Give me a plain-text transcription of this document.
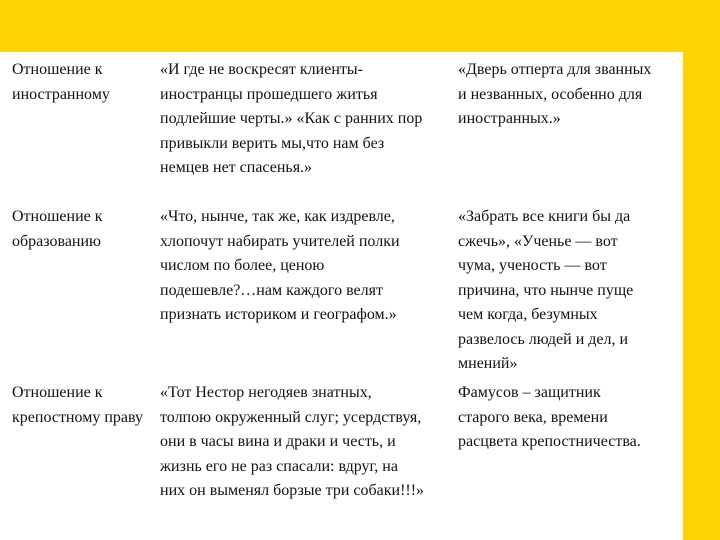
Отношение к
иностранному
«И где не воскресят клиенты-
иностранцы прошедшего житья
подлейшие черты.» «Как с ранних пор
привыкли верить мы,что нам без
немцев нет спасенья.»
«Дверь отперта для званных
и незванных, особенно для
иностранных.»
Отношение к
образованию
«Что, нынче, так же, как издревле,
хлопочут набирать учителей полки
числом по более, ценою
подешевле?…нам каждого велят
признать историком и географом.»
«Забрать все книги бы да
сжечь», «Ученье — вот
чума, ученость — вот
причина, что нынче пуще
чем когда, безумных
развелось людей и дел, и
мнений»
Отношение к
крепостному праву
«Тот Нестор негодяев знатных,
толпою окруженный слуг; усердствуя,
они в часы вина и драки и честь, и
жизнь его не раз спасали: вдруг, на
них он выменял борзые три собаки!!!»
Фамусов – защитник
старого века, времени
расцвета крепостничества.
